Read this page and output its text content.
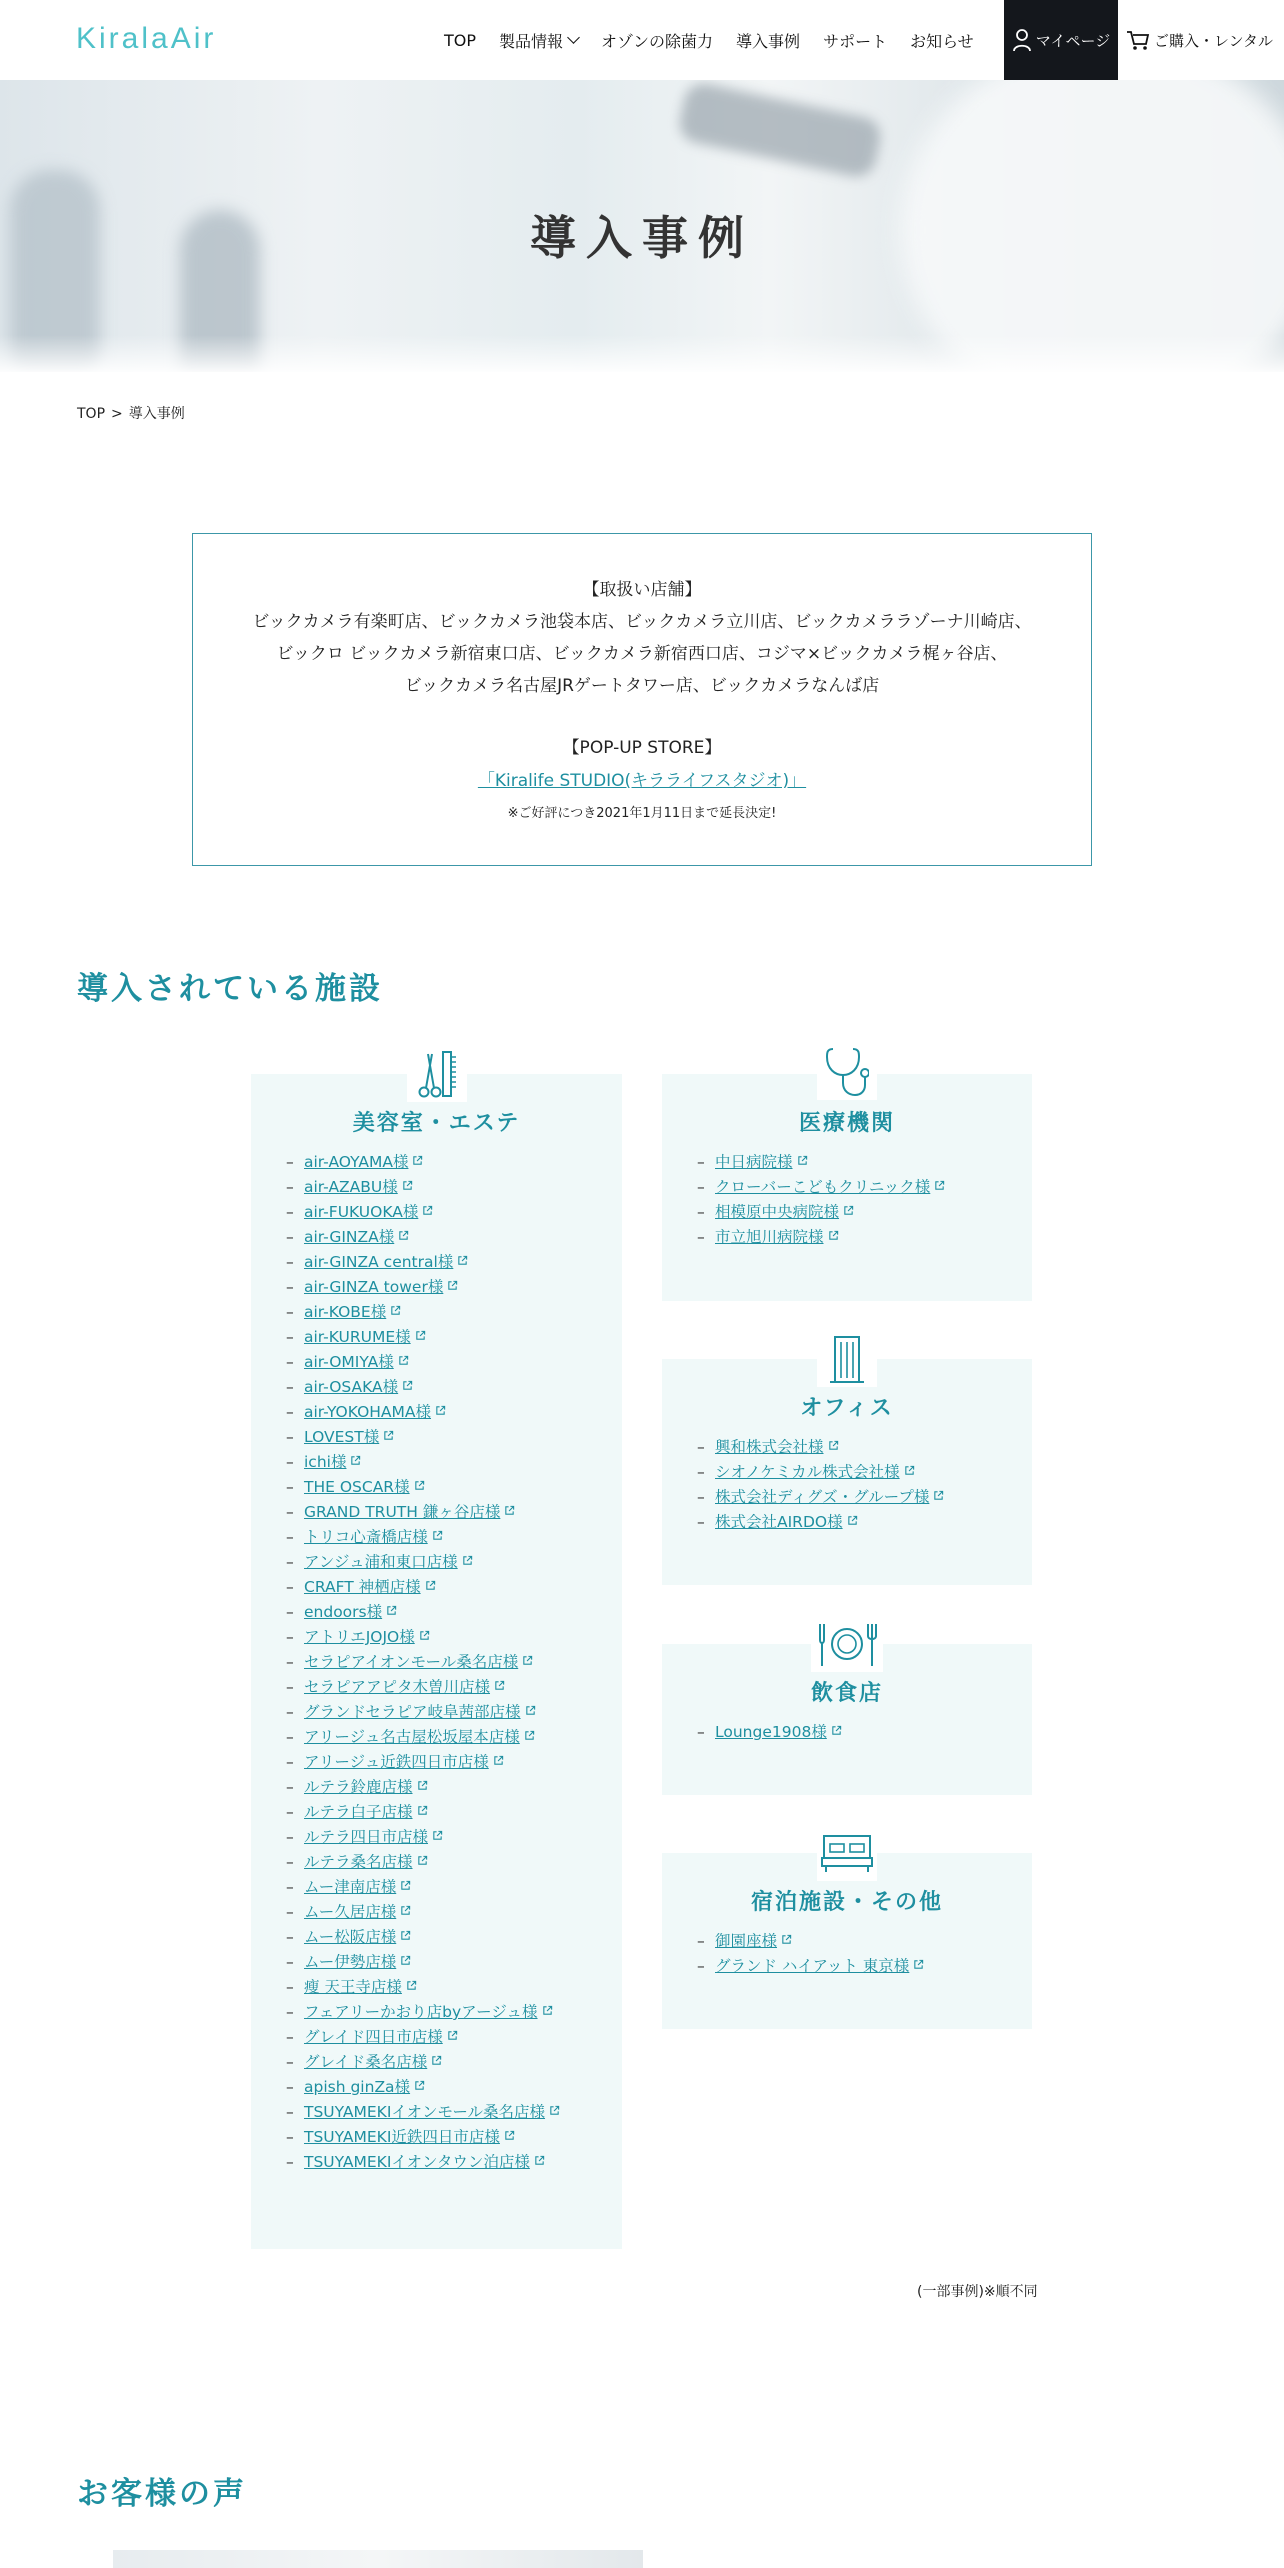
KiralaAir	TOP 製品情報 オゾンの除菌力 導入事例 サポート お知らせ	マイページ	ご購入・レンタル
導入事例
TOP > 導入事例
【取扱い店舗】
ビックカメラ有楽町店、ビックカメラ池袋本店、ビックカメラ立川店、ビックカメララゾーナ川崎店、
ビックロ ビックカメラ新宿東口店、ビックカメラ新宿西口店、コジマ×ビックカメラ梶ヶ谷店、
ビックカメラ名古屋JRゲートタワー店、ビックカメラなんば店
【POP-UP STORE】
「Kiralife STUDIO(キラライフスタジオ)」
※ご好評につき2021年1月11日まで延長決定!
導入されている施設
美容室・エステ
– air-AOYAMA様
– air-AZABU様
– air-FUKUOKA様
– air-GINZA様
– air-GINZA central様
– air-GINZA tower様
– air-KOBE様
– air-KURUME様
– air-OMIYA様
– air-OSAKA様
– air-YOKOHAMA様
– LOVEST様
– ichi様
– THE OSCAR様
– GRAND TRUTH 鎌ヶ谷店様
– トリコ心斎橋店様
– アンジュ浦和東口店様
– CRAFT 神栖店様
– endoors様
– アトリエJOJO様
– セラピアイオンモール桑名店様
– セラピアアピタ木曽川店様
– グランドセラピア岐阜茜部店様
– アリージュ名古屋松坂屋本店様
– アリージュ近鉄四日市店様
– ルテラ鈴鹿店様
– ルテラ白子店様
– ルテラ四日市店様
– ルテラ桑名店様
– ムー津南店様
– ムー久居店様
– ムー松阪店様
– ムー伊勢店様
– 瘦 天王寺店様
– フェアリーかおり店byアージュ様
– グレイド四日市店様
– グレイド桑名店様
– apish ginZa様
– TSUYAMEKIイオンモール桑名店様
– TSUYAMEKI近鉄四日市店様
– TSUYAMEKIイオンタウン泊店様
医療機関
– 中日病院様
– クローバーこどもクリニック様
– 相模原中央病院様
– 市立旭川病院様
オフィス
– 興和株式会社様
– シオノケミカル株式会社様
– 株式会社ディグズ・グループ様
– 株式会社AIRDO様
飲食店
– Lounge1908様
宿泊施設・その他
– 御園座様
– グランド ハイアット 東京様
(一部事例)※順不同
お客様の声
